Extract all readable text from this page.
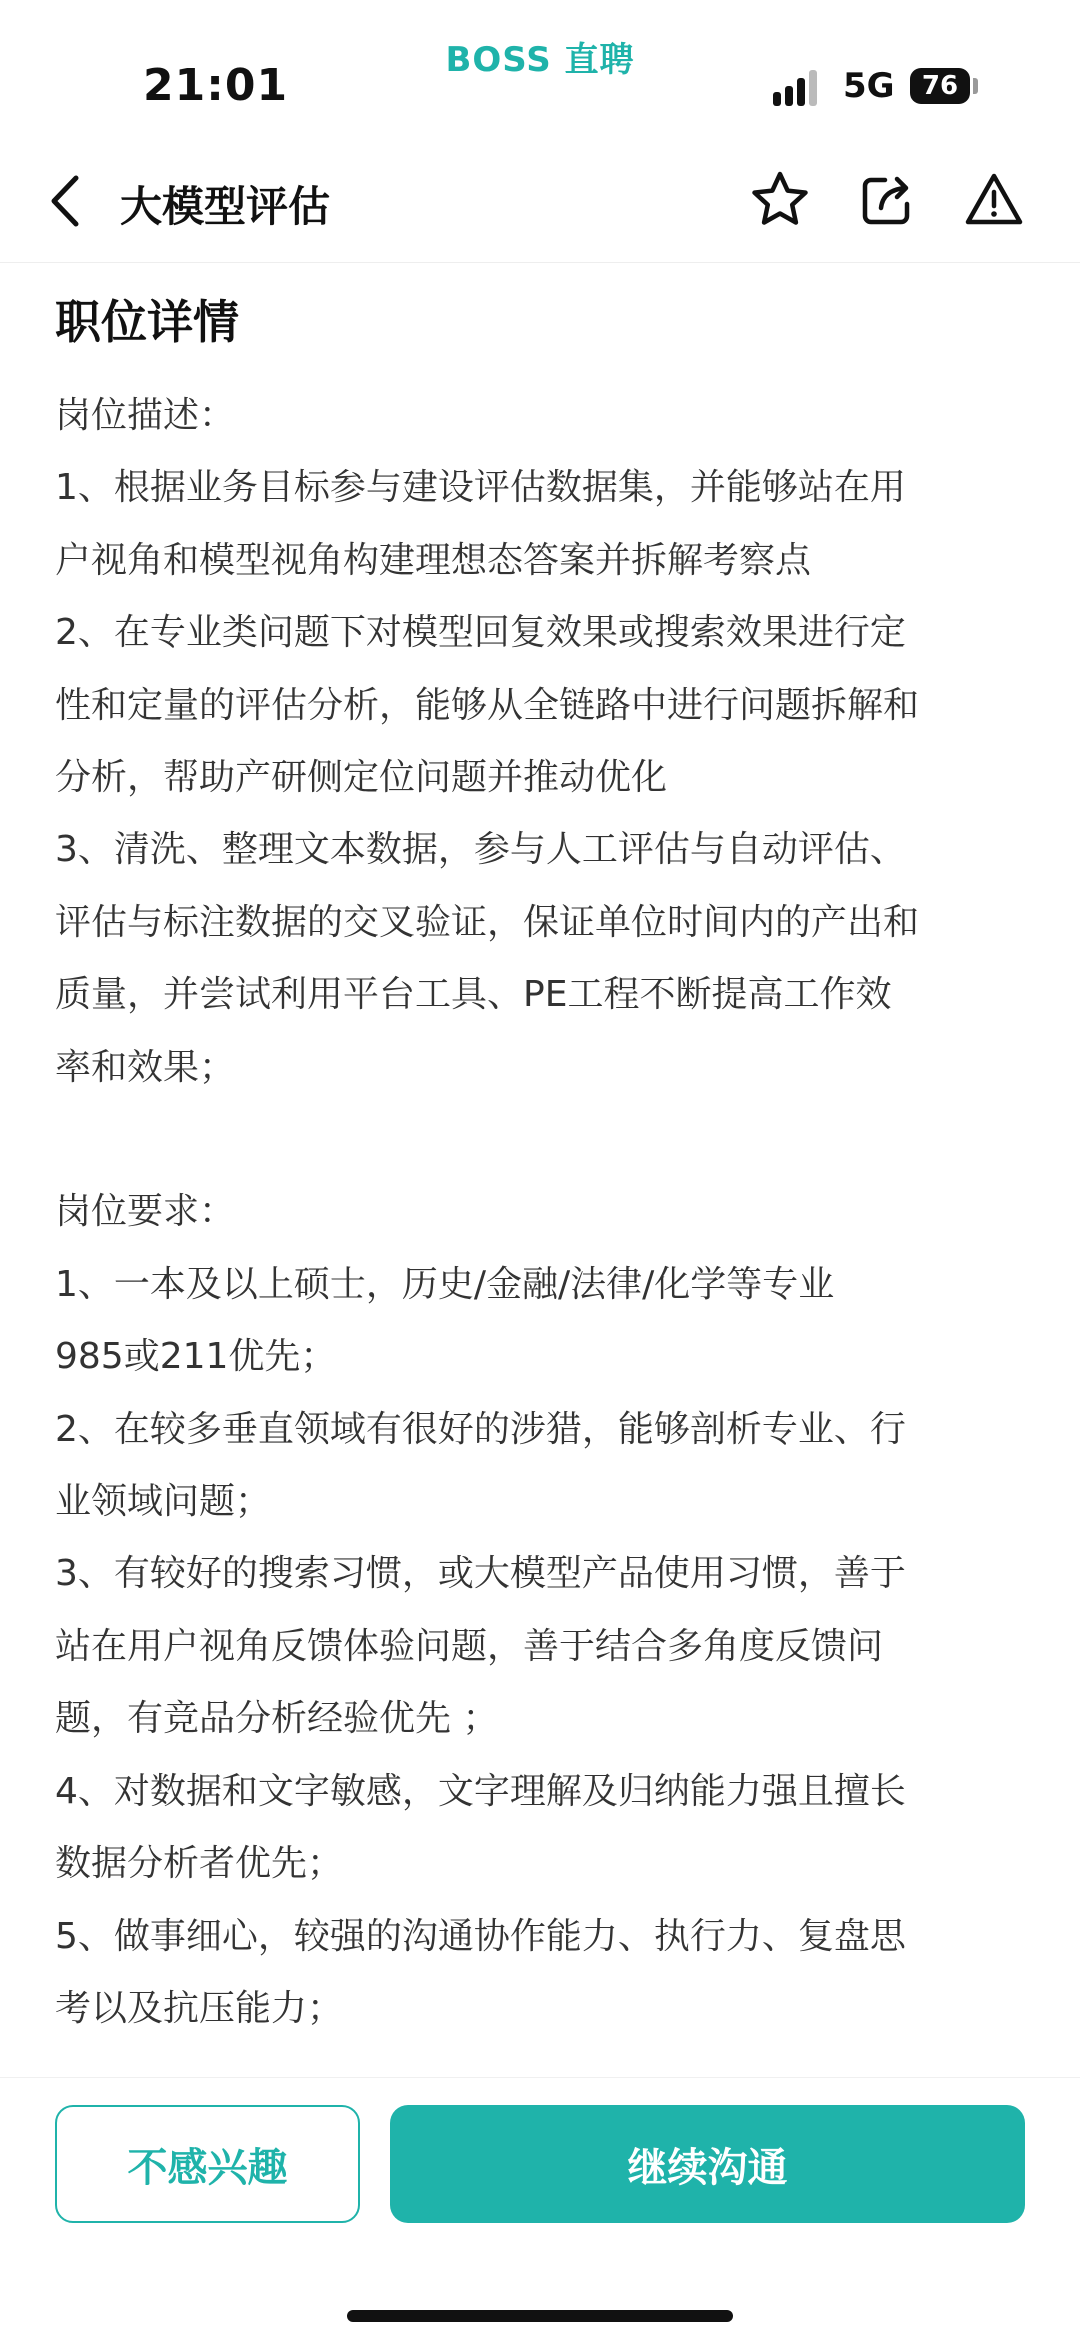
21:01	BOSS 直聘
5G 76
大模型评估
职位详情
岗位描述：
1、根据业务目标参与建设评估数据集，并能够站在用
户视角和模型视角构建理想态答案并拆解考察点
2、在专业类问题下对模型回复效果或搜索效果进行定
性和定量的评估分析，能够从全链路中进行问题拆解和
分析，帮助产研侧定位问题并推动优化
3、清洗、整理文本数据，参与人工评估与自动评估、
评估与标注数据的交叉验证，保证单位时间内的产出和
质量，并尝试利用平台工具、PE工程不断提高工作效
率和效果；
岗位要求：
1、一本及以上硕士，历史/金融/法律/化学等专业
985或211优先；
2、在较多垂直领域有很好的涉猎，能够剖析专业、行
业领域问题；
3、有较好的搜索习惯，或大模型产品使用习惯，善于
站在用户视角反馈体验问题，善于结合多角度反馈问
题，有竞品分析经验优先 ；
4、对数据和文字敏感，文字理解及归纳能力强且擅长
数据分析者优先；
5、做事细心，较强的沟通协作能力、执行力、复盘思
考以及抗压能力；
不感兴趣	继续沟通
